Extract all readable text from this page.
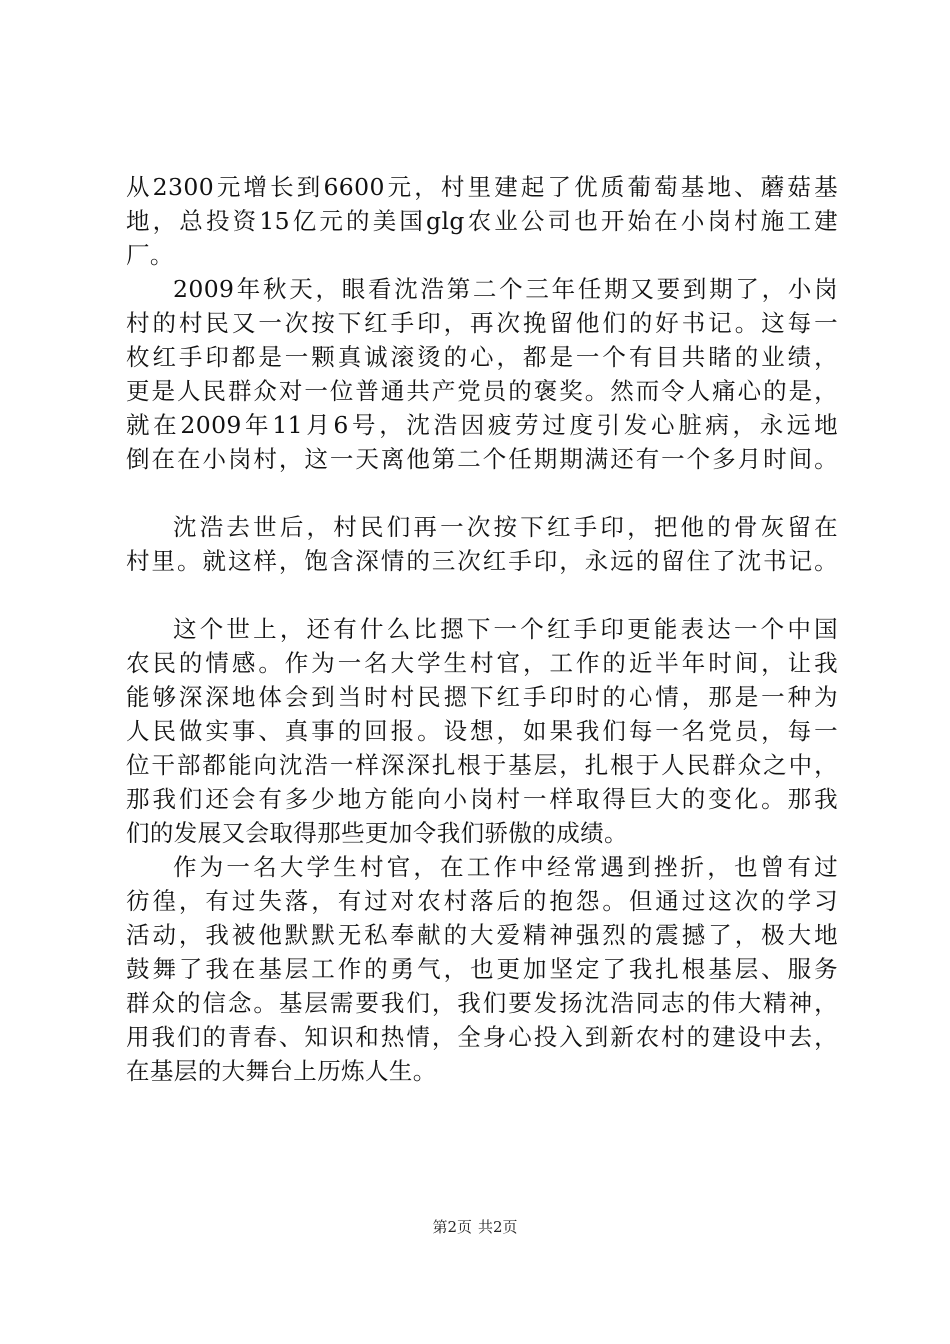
从2300元增长到6600元，村里建起了优质葡萄基地、蘑菇基
地，总投资15亿元的美国glg农业公司也开始在小岗村施工建
厂。
2009年秋天，眼看沈浩第二个三年任期又要到期了，小岗
村的村民又一次按下红手印，再次挽留他们的好书记。这每一
枚红手印都是一颗真诚滚烫的心，都是一个有目共睹的业绩，
更是人民群众对一位普通共产党员的褒奖。然而令人痛心的是，
就在2009年11月6号，沈浩因疲劳过度引发心脏病，永远地
倒在在小岗村，这一天离他第二个任期期满还有一个多月时间。
沈浩去世后，村民们再一次按下红手印，把他的骨灰留在
村里。就这样，饱含深情的三次红手印，永远的留住了沈书记。
这个世上，还有什么比摁下一个红手印更能表达一个中国
农民的情感。作为一名大学生村官，工作的近半年时间，让我
能够深深地体会到当时村民摁下红手印时的心情，那是一种为
人民做实事、真事的回报。设想，如果我们每一名党员，每一
位干部都能向沈浩一样深深扎根于基层，扎根于人民群众之中，
那我们还会有多少地方能向小岗村一样取得巨大的变化。那我
们的发展又会取得那些更加令我们骄傲的成绩。
作为一名大学生村官，在工作中经常遇到挫折，也曾有过
彷徨，有过失落，有过对农村落后的抱怨。但通过这次的学习
活动，我被他默默无私奉献的大爱精神强烈的震撼了，极大地
鼓舞了我在基层工作的勇气，也更加坚定了我扎根基层、服务
群众的信念。基层需要我们，我们要发扬沈浩同志的伟大精神，
用我们的青春、知识和热情，全身心投入到新农村的建设中去，
在基层的大舞台上历炼人生。
第2页 共2页
